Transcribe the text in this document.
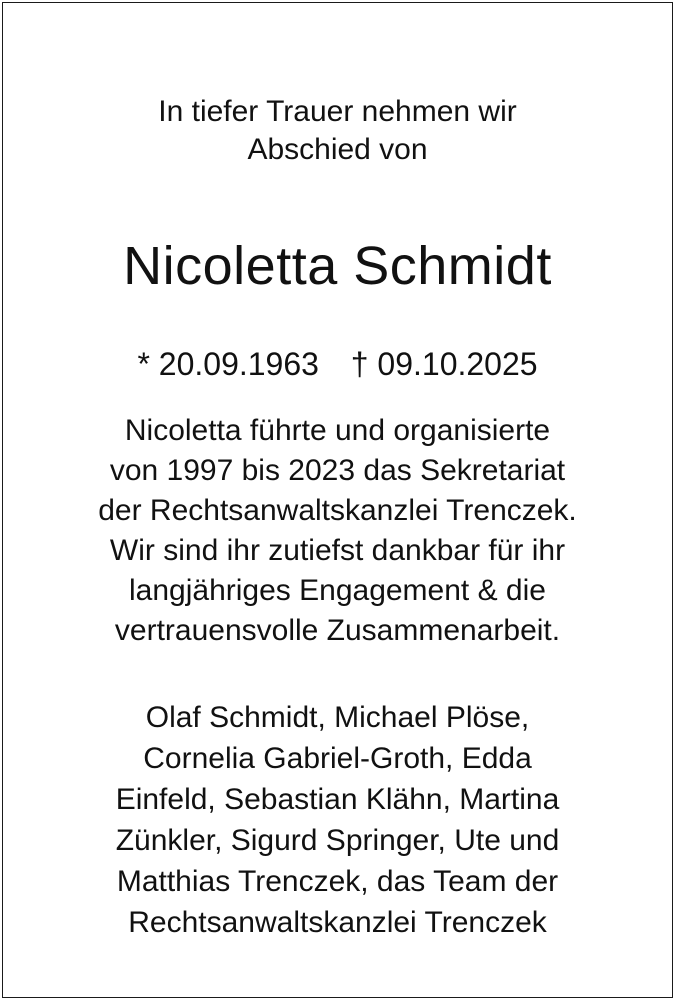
In tiefer Trauer nehmen wir
Abschied von
Nicoletta Schmidt
* 20.09.1963 † 09.10.2025
Nicoletta führte und organisierte
von 1997 bis 2023 das Sekretariat
der Rechtsanwaltskanzlei Trenczek.
Wir sind ihr zutiefst dankbar für ihr
langjähriges Engagement & die
vertrauensvolle Zusammenarbeit.
Olaf Schmidt, Michael Plöse,
Cornelia Gabriel-Groth, Edda
Einfeld, Sebastian Klähn, Martina
Zünkler, Sigurd Springer, Ute und
Matthias Trenczek, das Team der
Rechtsanwaltskanzlei Trenczek
